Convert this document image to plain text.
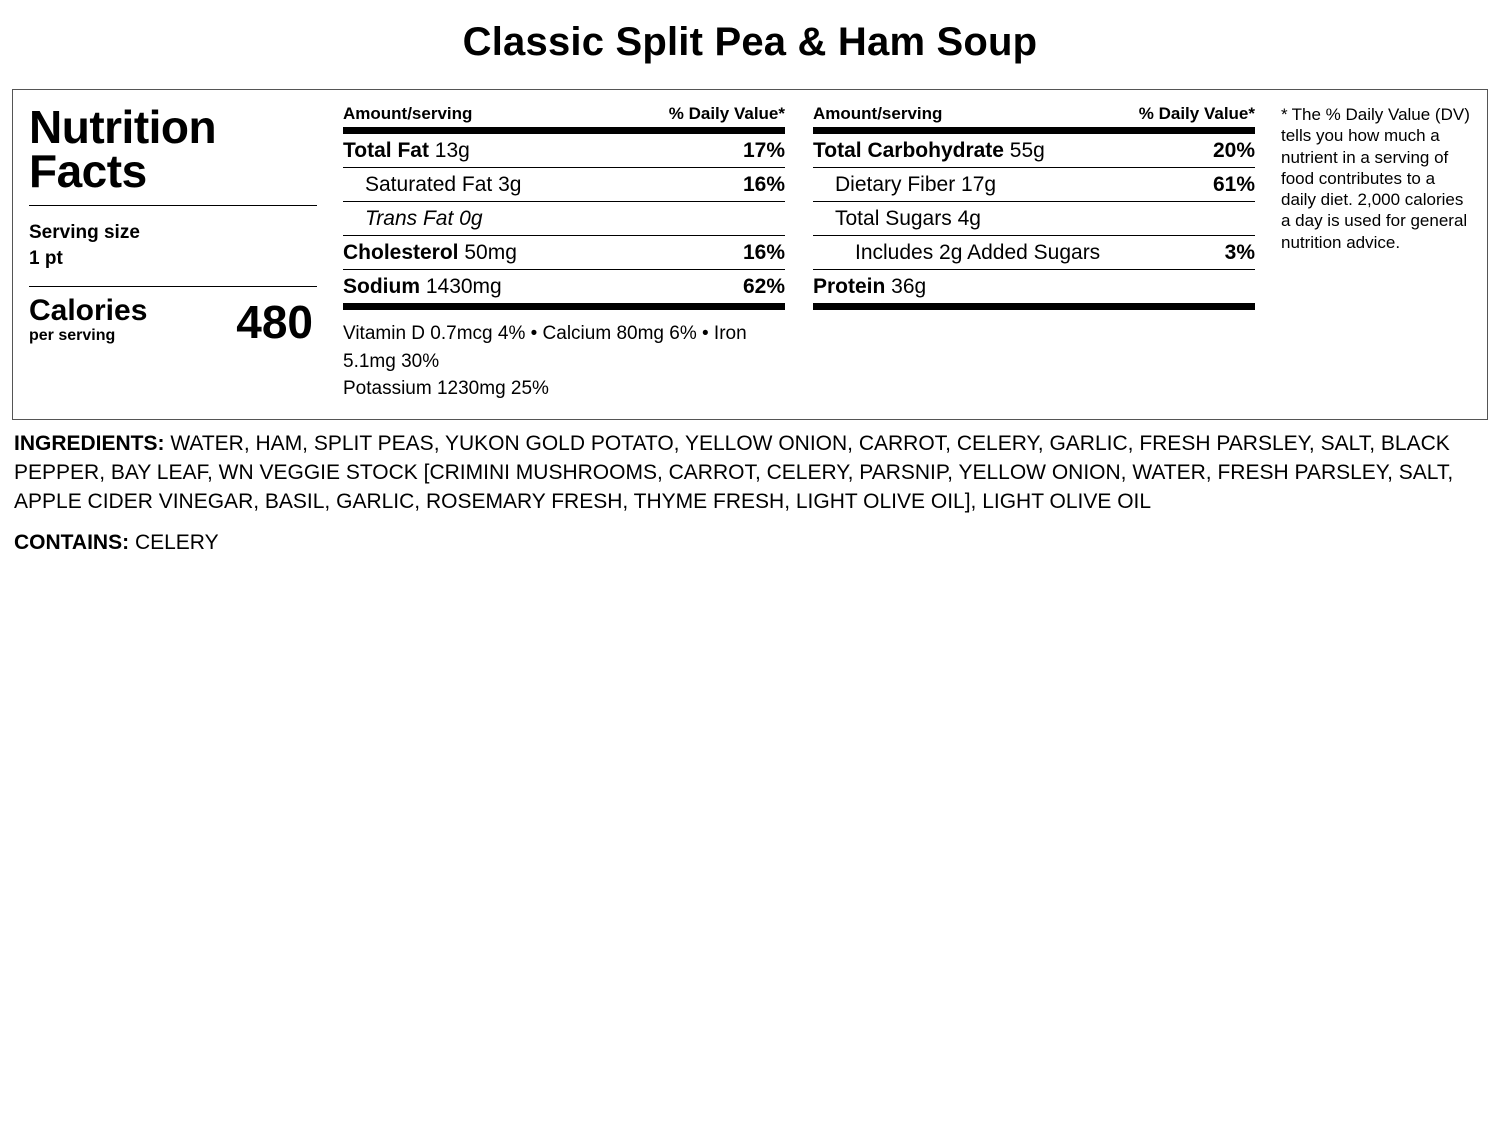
Classic Split Pea & Ham Soup
Nutrition
Facts
Serving size
1 pt
Calories
per serving	480
Amount/serving	% Daily Value*
Total Fat 13g	17%
Saturated Fat 3g	16%
Trans Fat 0g
Cholesterol 50mg	16%
Sodium 1430mg	62%
Vitamin D 0.7mcg 4% • Calcium 80mg 6% • Iron 5.1mg 30%
Potassium 1230mg 25%
Amount/serving	% Daily Value*
Total Carbohydrate 55g	20%
Dietary Fiber 17g	61%
Total Sugars 4g
Includes 2g Added Sugars	3%
Protein 36g
* The % Daily Value (DV) tells you how much a nutrient in a serving of food contributes to a daily diet. 2,000 calories a day is used for general nutrition advice.
INGREDIENTS: WATER, HAM, SPLIT PEAS, YUKON GOLD POTATO, YELLOW ONION, CARROT, CELERY, GARLIC, FRESH PARSLEY, SALT, BLACK PEPPER, BAY LEAF, WN VEGGIE STOCK [CRIMINI MUSHROOMS, CARROT, CELERY, PARSNIP, YELLOW ONION, WATER, FRESH PARSLEY, SALT, APPLE CIDER VINEGAR, BASIL, GARLIC, ROSEMARY FRESH, THYME FRESH, LIGHT OLIVE OIL], LIGHT OLIVE OIL
CONTAINS: CELERY
